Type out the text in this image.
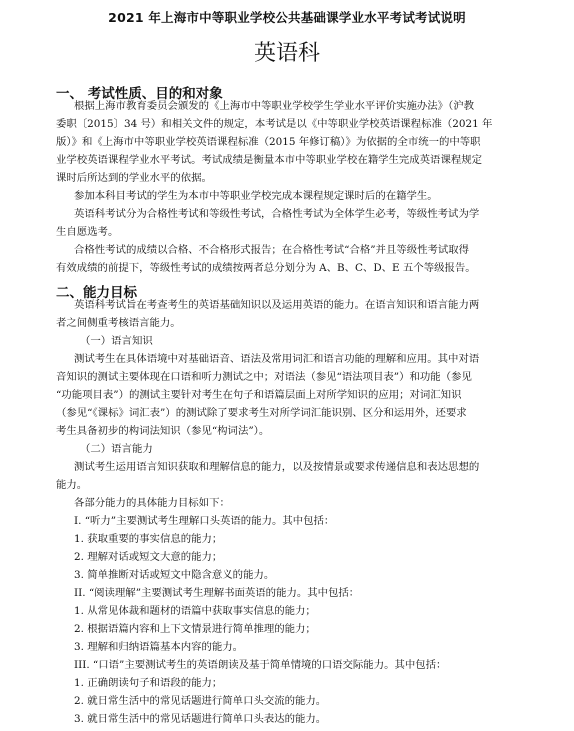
2021 年上海市中等职业学校公共基础课学业水平考试考试说明
英语科
一、 考试性质、目的和对象
根据上海市教育委员会颁发的《上海市中等职业学校学生学业水平评价实施办法》（沪教
委职〔2015〕34 号）和相关文件的规定，本考试是以《中等职业学校英语课程标准（2021 年
版）》和《上海市中等职业学校英语课程标准（2015 年修订稿）》为依据的全市统一的中等职
业学校英语课程学业水平考试。考试成绩是衡量本市中等职业学校在籍学生完成英语课程规定
课时后所达到的学业水平的依据。
参加本科目考试的学生为本市中等职业学校完成本课程规定课时后的在籍学生。
英语科考试分为合格性考试和等级性考试，合格性考试为全体学生必考，等级性考试为学
生自愿选考。
合格性考试的成绩以合格、不合格形式报告；在合格性考试“合格”并且等级性考试取得
有效成绩的前提下，等级性考试的成绩按两者总分划分为 A、B、C、D、E 五个等级报告。
二、能力目标
英语科考试旨在考查考生的英语基础知识以及运用英语的能力。在语言知识和语言能力两
者之间侧重考核语言能力。
（一）语言知识
测试考生在具体语境中对基础语音、语法及常用词汇和语言功能的理解和应用。其中对语
音知识的测试主要体现在口语和听力测试之中；对语法（参见“语法项目表”）和功能（参见
“功能项目表”）的测试主要针对考生在句子和语篇层面上对所学知识的应用；对词汇知识
（参见“《课标》词汇表”）的测试除了要求考生对所学词汇能识别、区分和运用外，还要求
考生具备初步的构词法知识（参见“构词法”）。
（二）语言能力
测试考生运用语言知识获取和理解信息的能力，以及按情景或要求传递信息和表达思想的
能力。
各部分能力的具体能力目标如下：
I. “听力”主要测试考生理解口头英语的能力。其中包括：
1. 获取重要的事实信息的能力；
2. 理解对话或短文大意的能力；
3. 简单推断对话或短文中隐含意义的能力。
II. “阅读理解”主要测试考生理解书面英语的能力。其中包括：
1. 从常见体裁和题材的语篇中获取事实信息的能力；
2. 根据语篇内容和上下文情景进行简单推理的能力；
3. 理解和归纳语篇基本内容的能力。
III. “口语”主要测试考生的英语朗读及基于简单情境的口语交际能力。其中包括：
1. 正确朗读句子和语段的能力；
2. 就日常生活中的常见话题进行简单口头交流的能力。
3. 就日常生活中的常见话题进行简单口头表达的能力。
